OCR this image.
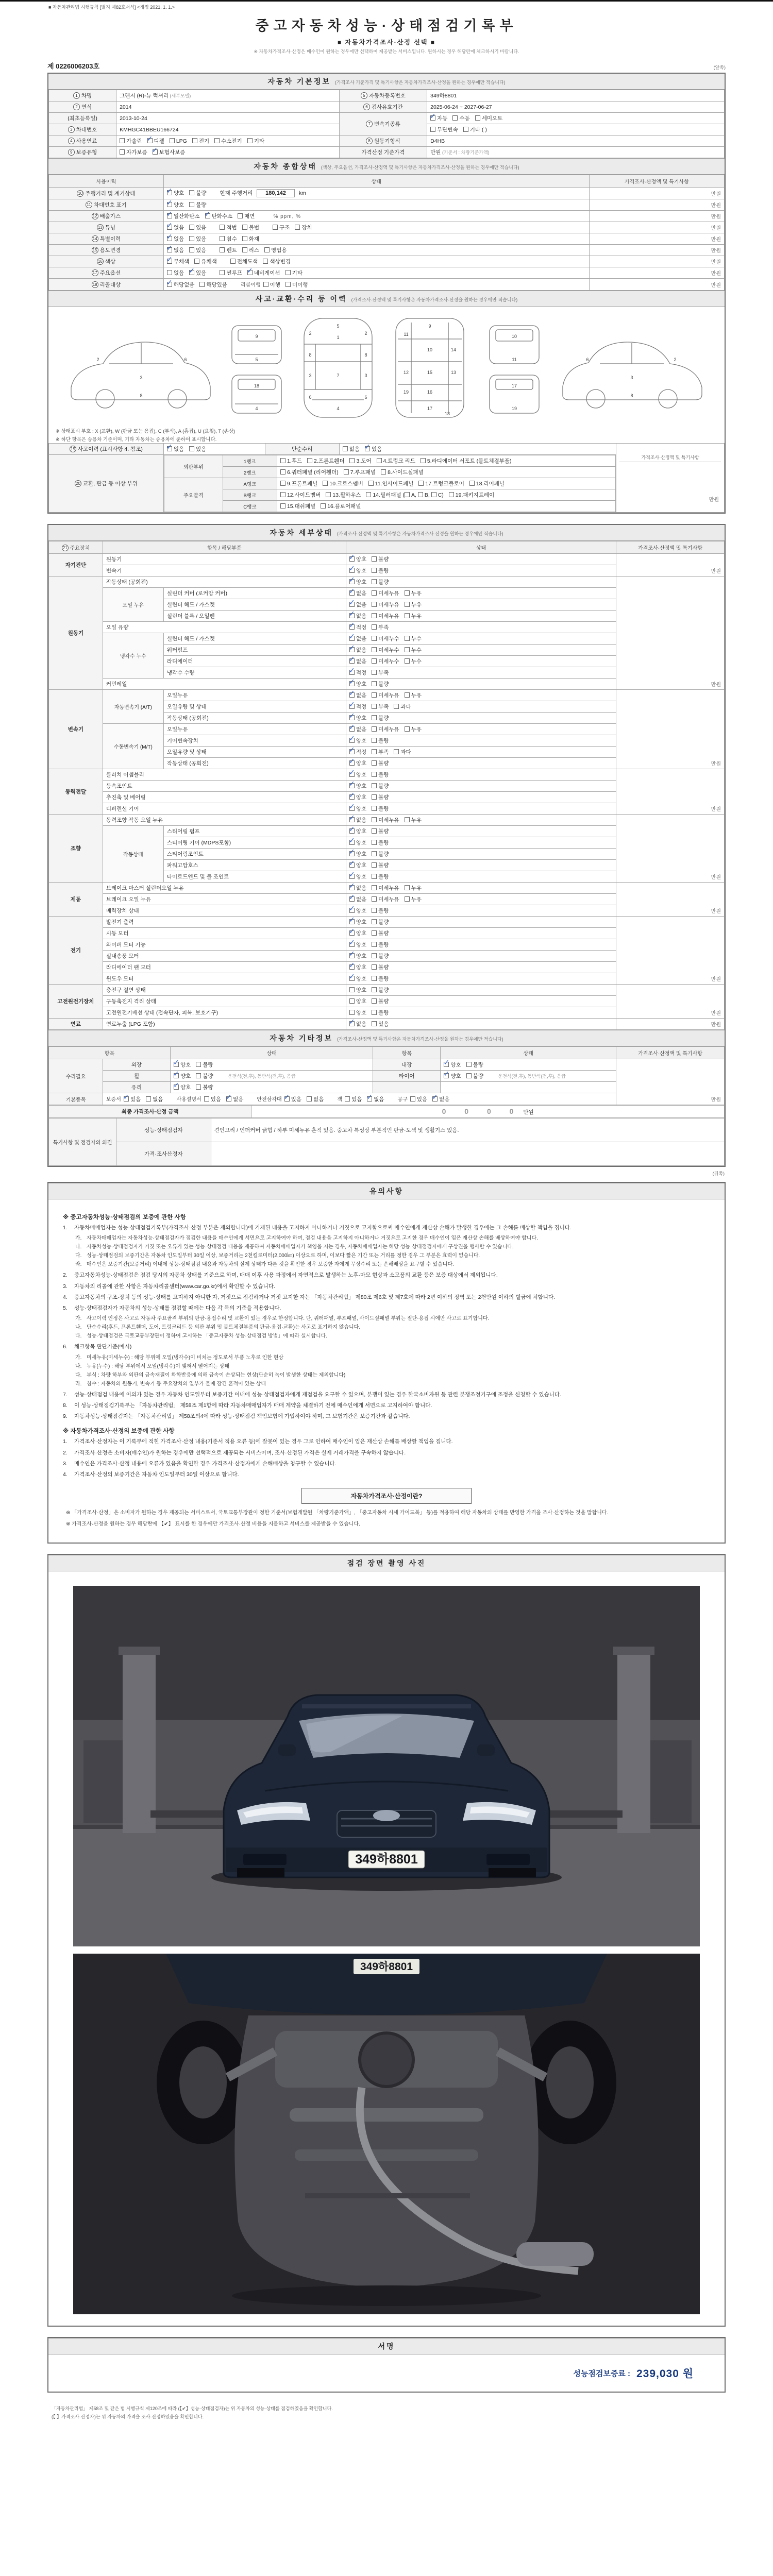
■ 자동차관리법 시행규칙 [별지 제82호서식] <개정 2021. 1. 1.>
중고자동차성능·상태점검기록부
■ 자동차가격조사·산정 선택 ■
※ 자동차가격조사·산정은 매수인이 원하는 경우에만 선택하여 제공받는 서비스입니다. 원하시는 경우 해당란에 체크하시기 바랍니다.
제 0226006203호	(앞쪽)
자동차 기본정보 (가격조사 기준가격 및 특기사항은 자동차가격조사·산정을 원하는 경우에만 적습니다)
1 차명	그랜저 (R)-뉴 럭셔리 (세부모델)	5 자동차등록번호	349하8801
2 연식	2014	6 검사유효기간	2025-06-24 ~ 2027-06-27
(최초등록일)	2013-10-24	7 변속기종류	✓자동 수동 세미오토
3 차대번호	KMHGC41BBEU166724		무단변속 기타 ( )
4 사용연료	가솔린 ✓ 디젤 LPG 전기 수소전기 기타	8 원동기형식	D4HB
9 보증유형	자가보증 ✓ 보험사보증	가격산정 기준가격	만원 (기준서 : 차량기준가액)
자동차 종합상태 (색상, 주요옵션, 가격조사·산정액 및 특기사항은 자동차가격조사·산정을 원하는 경우에만 적습니다)
사용이력	상태	가격조사·산정액 및 특기사항
10 주행거리 및 계기상태	✓양호 불량 현재 주행거리 180,142 km	만원
11 차대번호 표기	✓양호 불량	만원
12 배출가스	✓일산화탄소 ✓ 탄화수소 매연 % ppm, %	만원
13 튜닝	✓없음 있음 적법 불법 구조 장치	만원
14 특별이력	✓없음 있음 침수 화재	만원
15 용도변경	✓없음 있음 렌트 리스 영업용	만원
16 색상	✓무채색 유채색 전체도색 색상변경	만원
17 주요옵션	없음 ✓ 있음 썬루프 ✓ 네비게이션 기타	만원
18 리콜대상	✓해당없음 해당있음 리콜이행 이행 미이행	만원
사고·교환·수리 등 이력 (가격조사·산정액 및 특기사항은 자동차가격조사·산정을 원하는 경우에만 적습니다)
2
3
6
8
9
5
18
4
5
1
2	2
7
3	3
4
6	6
8	8
9
10
11
12	13
14
15
16
17
18
19
10
11
17
19
2
3
6
8
※ 상태표시 부호 : X (교환), W (판금 또는 용접), C (부식), A (흠집), U (요철), T (손상)
※ 하단 항목은 승용차 기준이며, 기타 자동차는 승용차에 준하여 표시합니다.
19 사고이력 (표시사항 4. 참조)	✓없음 있음	단순수리	없음 ✓ 있음	
가격조사·산정액 및 특기사항
만원

20 교환, 판금 등 이상 부위	
외판부위	1랭크	1.후드 2.프론트휀더 3.도어 4.트렁크 리드 5.라디에이터 서포트 (볼트체결부품)
2랭크	6.쿼터패널 (리어휀더) 7.루프패널 8.사이드실패널
주요골격	A랭크	9.프론트패널 10.크로스멤버 11.인사이드패널 17.트렁크플로어 18.리어패널
B랭크	12.사이드멤버 13.휠하우스 14.필러패널 ( A, B, C) 19.패키지트레이
C랭크	15.대쉬패널 16.플로어패널
자동차 세부상태 (가격조사·산정액 및 특기사항은 자동차가격조사·산정을 원하는 경우에만 적습니다)
21 주요장치	항목 / 해당부품		상태	가격조사·산정액 및 특기사항
자기진단	원동기	✓양호 불량	만원
	변속기	✓양호 불량
원동기	작동상태 (공회전)	✓양호 불량	만원
	오일 누유	실린더 커버 (로커암 커버)	✓없음 미세누유 누유
		실린더 헤드 / 가스켓	✓없음 미세누유 누유
		실린더 블록 / 오일팬	✓없음 미세누유 누유
	오일 유량	✓적정 부족
	냉각수 누수	실린더 헤드 / 가스켓	✓없음 미세누수 누수
		워터펌프	✓없음 미세누수 누수
		라디에이터	✓없음 미세누수 누수
		냉각수 수량	✓적정 부족
	커먼레일	✓양호 불량
변속기	자동변속기 (A/T)	오일누유	✓없음 미세누유 누유	만원
		오일유량 및 상태	✓적정 부족 과다
		작동상태 (공회전)	✓양호 불량
	수동변속기 (M/T)	오일누유	✓없음 미세누유 누유
		기어변속장치	✓양호 불량
		오일유량 및 상태	✓적정 부족 과다
		작동상태 (공회전)	✓양호 불량
동력전달	클러치 어셈블리	✓양호 불량	만원
	등속조인트	✓양호 불량
	추진축 및 베어링	✓양호 불량
	디퍼렌셜 기어	✓양호 불량
조향	동력조향 작동 오일 누유	✓없음 미세누유 누유	만원
	작동상태	스티어링 펌프	✓양호 불량
		스티어링 기어 (MDPS포함)	✓양호 불량
		스티어링조인트	✓양호 불량
		파워고압호스	✓양호 불량
		타이로드엔드 및 볼 조인트	✓양호 불량
제동	브레이크 마스터 실린더오일 누유	✓없음 미세누유 누유	만원
	브레이크 오일 누유	✓없음 미세누유 누유
	배력장치 상태	✓양호 불량
전기	발전기 출력	✓양호 불량	만원
	시동 모터	✓양호 불량
	와이퍼 모터 기능	✓양호 불량
	실내송풍 모터	✓양호 불량
	라디에이터 팬 모터	✓양호 불량
	윈도우 모터	✓양호 불량
고전원전기장치	충전구 절연 상태		양호 불량	만원
	구동축전지 격리 상태		양호 불량	
	고전원전기배선 상태 (접속단자, 피복, 보호기구)		양호 불량	
연료	연료누출 (LPG 포함)	✓없음 있음	만원
자동차 기타정보 (가격조사·산정액 및 특기사항은 자동차가격조사·산정을 원하는 경우에만 적습니다)
항목		상태	항목	상태	가격조사·산정액 및 특기사항
수리필요	외장	✓양호 불량	내장	✓양호 불량	만원
	휠	✓양호 불량 운전석(전,후), 동반석(전,후), 응급	타이어	✓양호 불량 운전석(전,후), 동반석(전,후), 응급
	유리	✓양호 불량		
기본품목	보증서 ✓ 있음 없음 사용설명서 있음 ✓ 없음 안전삼각대 ✓ 있음 없음 잭 있음 ✓ 없음 공구 있음 ✓ 없음
최종 가격조사·산정 금액	0 0 0 0 만원
특기사항 및 점검자의 의견	성능·상태점검자	견인고리 / 언더커버 긁힘 / 하부 미세누유 흔적 있음. 중고차 특성상 부분적인 판금·도색 및 생활기스 있음.
	가격·조사산정자	
(뒤쪽)
유의사항
※ 중고자동차성능·상태점검의 보증에 관한 사항
1.	자동차매매업자는 성능·상태점검기록부(가격조사·산정 부분은 제외합니다)에 기재된 내용을 고지하지 아니하거나 거짓으로 고지함으로써 매수인에게 재산상 손해가 발생한 경우에는 그 손해를 배상할 책임을 집니다.
가. 자동차매매업자는 자동차성능·상태점검자가 점검한 내용을 매수인에게 서면으로 고지하여야 하며, 점검 내용을 고지하지 아니하거나 거짓으로 고지한 경우 매수인이 입은 재산상 손해를 배상하여야 합니다.
나. 자동차성능·상태점검자가 거짓 또는 오류가 있는 성능·상태점검 내용을 제공하여 자동차매매업자가 책임을 지는 경우, 자동차매매업자는 해당 성능·상태점검자에게 구상권을 행사할 수 있습니다.
다. 성능·상태점검의 보증기간은 자동차 인도일부터 30일 이상, 보증거리는 2천킬로미터(2,000㎞) 이상으로 하며, 이보다 짧은 기간 또는 거리를 정한 경우 그 부분은 효력이 없습니다.
라. 매수인은 보증기간(보증거리) 이내에 성능·상태점검 내용과 자동차의 실제 상태가 다른 것을 확인한 경우 보증한 자에게 무상수리 또는 손해배상을 요구할 수 있습니다.
2.	중고자동차성능·상태점검은 점검 당시의 자동차 상태를 기준으로 하며, 매매 이후 사용 과정에서 자연적으로 발생하는 노후·마모 현상과 소모품의 교환 등은 보증 대상에서 제외됩니다.
3.	자동차의 리콜에 관한 사항은 자동차리콜센터(www.car.go.kr)에서 확인할 수 있습니다.
4.	중고자동차의 구조·장치 등의 성능·상태를 고지하지 아니한 자, 거짓으로 점검하거나 거짓 고지한 자는 「자동차관리법」 제80조 제6호 및 제7호에 따라 2년 이하의 징역 또는 2천만원 이하의 벌금에 처합니다.
5.	성능·상태점검자가 자동차의 성능·상태를 점검할 때에는 다음 각 목의 기준을 적용합니다.
가. 사고이력 인정은 사고로 자동차 주요골격 부위의 판금·용접수리 및 교환이 있는 경우로 한정합니다. 단, 쿼터패널, 루프패널, 사이드실패널 부위는 절단·용접 시에만 사고로 표기합니다.
나. 단순수리(후드, 프론트휀더, 도어, 트렁크리드 등 외판 부위 및 볼트체결부품의 판금·용접·교환)는 사고로 표기하지 않습니다.
다. 성능·상태점검은 국토교통부장관이 정하여 고시하는 「중고자동차 성능·상태점검 방법」에 따라 실시합니다.
6.	체크항목 판단기준(예시)
가. 미세누유(미세누수) : 해당 부위에 오일(냉각수)이 비치는 정도로서 부품 노후로 인한 현상
나. 누유(누수) : 해당 부위에서 오일(냉각수)이 맺혀서 떨어지는 상태
다. 부식 : 차량 하부와 외판의 금속재질이 화학반응에 의해 금속이 손상되는 현상(단순히 녹이 발생한 상태는 제외합니다)
라. 침수 : 자동차의 원동기, 변속기 등 주요장치의 일부가 물에 잠긴 흔적이 있는 상태
7.	성능·상태점검 내용에 이의가 있는 경우 자동차 인도일부터 보증기간 이내에 성능·상태점검자에게 재점검을 요구할 수 있으며, 분쟁이 있는 경우 한국소비자원 등 관련 분쟁조정기구에 조정을 신청할 수 있습니다.
8.	이 성능·상태점검기록부는 「자동차관리법」 제58조 제1항에 따라 자동차매매업자가 매매 계약을 체결하기 전에 매수인에게 서면으로 고지하여야 합니다.
9.	자동차성능·상태점검자는 「자동차관리법」 제58조의4에 따라 성능·상태점검 책임보험에 가입하여야 하며, 그 보험기간은 보증기간과 같습니다.
※ 자동차가격조사·산정의 보증에 관한 사항
1.	가격조사·산정자는 이 기록부에 적힌 가격조사·산정 내용(기준서 적용 오류 등)에 잘못이 있는 경우 그로 인하여 매수인이 입은 재산상 손해를 배상할 책임을 집니다.
2.	가격조사·산정은 소비자(매수인)가 원하는 경우에만 선택적으로 제공되는 서비스이며, 조사·산정된 가격은 실제 거래가격을 구속하지 않습니다.
3.	매수인은 가격조사·산정 내용에 오류가 있음을 확인한 경우 가격조사·산정자에게 손해배상을 청구할 수 있습니다.
4.	가격조사·산정의 보증기간은 자동차 인도일부터 30일 이상으로 합니다.
자동차가격조사·산정이란?
※ 「가격조사·산정」은 소비자가 원하는 경우 제공되는 서비스로서, 국토교통부장관이 정한 기준서(보험개발원 「차량기준가액」, 「중고자동차 시세 가이드북」 등)를 적용하여 해당 자동차의 상태를 반영한 가격을 조사·산정하는 것을 말합니다.
※ 가격조사·산정을 원하는 경우 해당란에 【✔】 표시를 한 경우에만 가격조사·산정 비용을 지불하고 서비스를 제공받을 수 있습니다.
점검 장면 촬영 사진
349하8801
349하8801
서명
성능점검보증료 : 239,030 원
「자동차관리법」 제58조 및 같은 법 시행규칙 제120조에 따라 (【✔】성능·상태점검자)는 위 자동차의 성능·상태를 점검하였음을 확인합니다.
(【 】가격조사·산정자)는 위 자동차의 가격을 조사·산정하였음을 확인합니다.
